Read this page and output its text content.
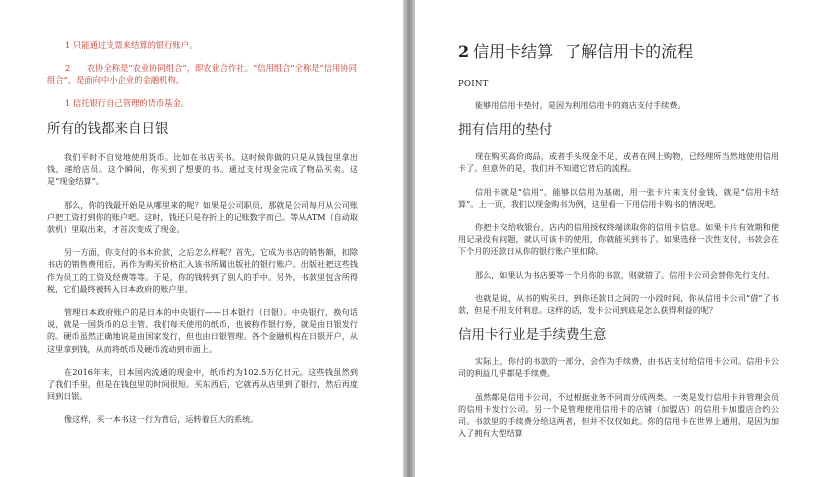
1 只能通过支票来结算的银行账户。

2　　农协全称是“农业协同组合”，即农业合作社。“信用组合”全称是“信用协同组合”，是面向中小企业的金融机构。

1 信托银行自己管理的货币基金。

所有的钱都来自日银

我们平时不自觉地使用货币。比如在书店买书。这时候你做的只是从钱包里拿出钱，递给店员。这个瞬间，你买到了想要的书。通过支付现金完成了物品买卖。这是“现金结算”。

那么，你的钱最开始是从哪里来的呢？如果是公司职员，那就是公司每月从公司账户把工资打到你的账户吧。这时，钱还只是存折上的记账数字而已。等从ATM（自动取款机）里取出来，才首次变成了现金。

另一方面，你支付的书本价款，之后怎么样呢？首先，它成为书店的销售额，扣除书店的销售费用后，再作为购买价格汇入该书所属出版社的银行账户。出版社把这些钱作为员工的工资及经费等等。于是，你的钱转到了别人的手中。另外，书款里包含所得税，它们最终被转入日本政府的账户里。

管理日本政府账户的是日本的中央银行——日本银行（日银）。中央银行，换句话说，就是一国货币的总主管。我们每天使用的纸币，也被称作银行券，就是由日银发行的。硬币虽然正确地说是由国家发行，但也由日银管理。各个金融机构在日银开户，从这里拿到钱，从而将纸币及硬币流动到市面上。

在2016年末，日本国内流通的现金中，纸币约为102.5万亿日元。这些钱虽然到了我们手里，但是在钱包里的时间很短。买东西后，它就再从店里到了银行，然后再度回到日银。

像这样，买一本书这一行为背后，运转着巨大的系统。

2 信用卡结算 了解信用卡的流程
POINT

能够用信用卡垫付，是因为利用信用卡的商店支付手续费。

拥有信用的垫付

现在购买高价商品，或者手头现金不足，或者在网上购物，已经理所当然地使用信用卡了。但意外的是，我们并不知道它背后的流程。

信用卡就是“信用”。能够以信用为基础，用一张卡片来支付金钱，就是“信用卡结算”。上一页，我们以现金购书为例，这里看一下用信用卡购书的情况吧。

你把卡交给收银台，店内的信用授权终端读取你的信用卡信息。如果卡片有效期和使用记录没有问题，就认可该卡的使用，你就能买到书了。如果选择一次性支付，书款会在下个月的还款日从你的银行账户里扣除。

那么，如果认为书店要等一个月你的书款，则就错了。信用卡公司会替你先行支付。

也就是说，从书的购买日，到你还款日之间的一小段时间，你从信用卡公司“借”了书款，但是不用支付利息。这样的话，发卡公司到底是怎么获得利益的呢？

信用卡行业是手续费生意

实际上，你付的书款的一部分，会作为手续费，由书店支付给信用卡公司。信用卡公司的利益几乎都是手续费。

虽然都是信用卡公司，不过根据业务不同而分成两类。一类是发行信用卡并管理会员的信用卡发行公司。另一个是管理使用信用卡的店铺（加盟店）的信用卡加盟店合约公司。书款里的手续费分给这两者，但并不仅仅如此。你的信用卡在世界上通用，是因为加入了拥有大型结算
